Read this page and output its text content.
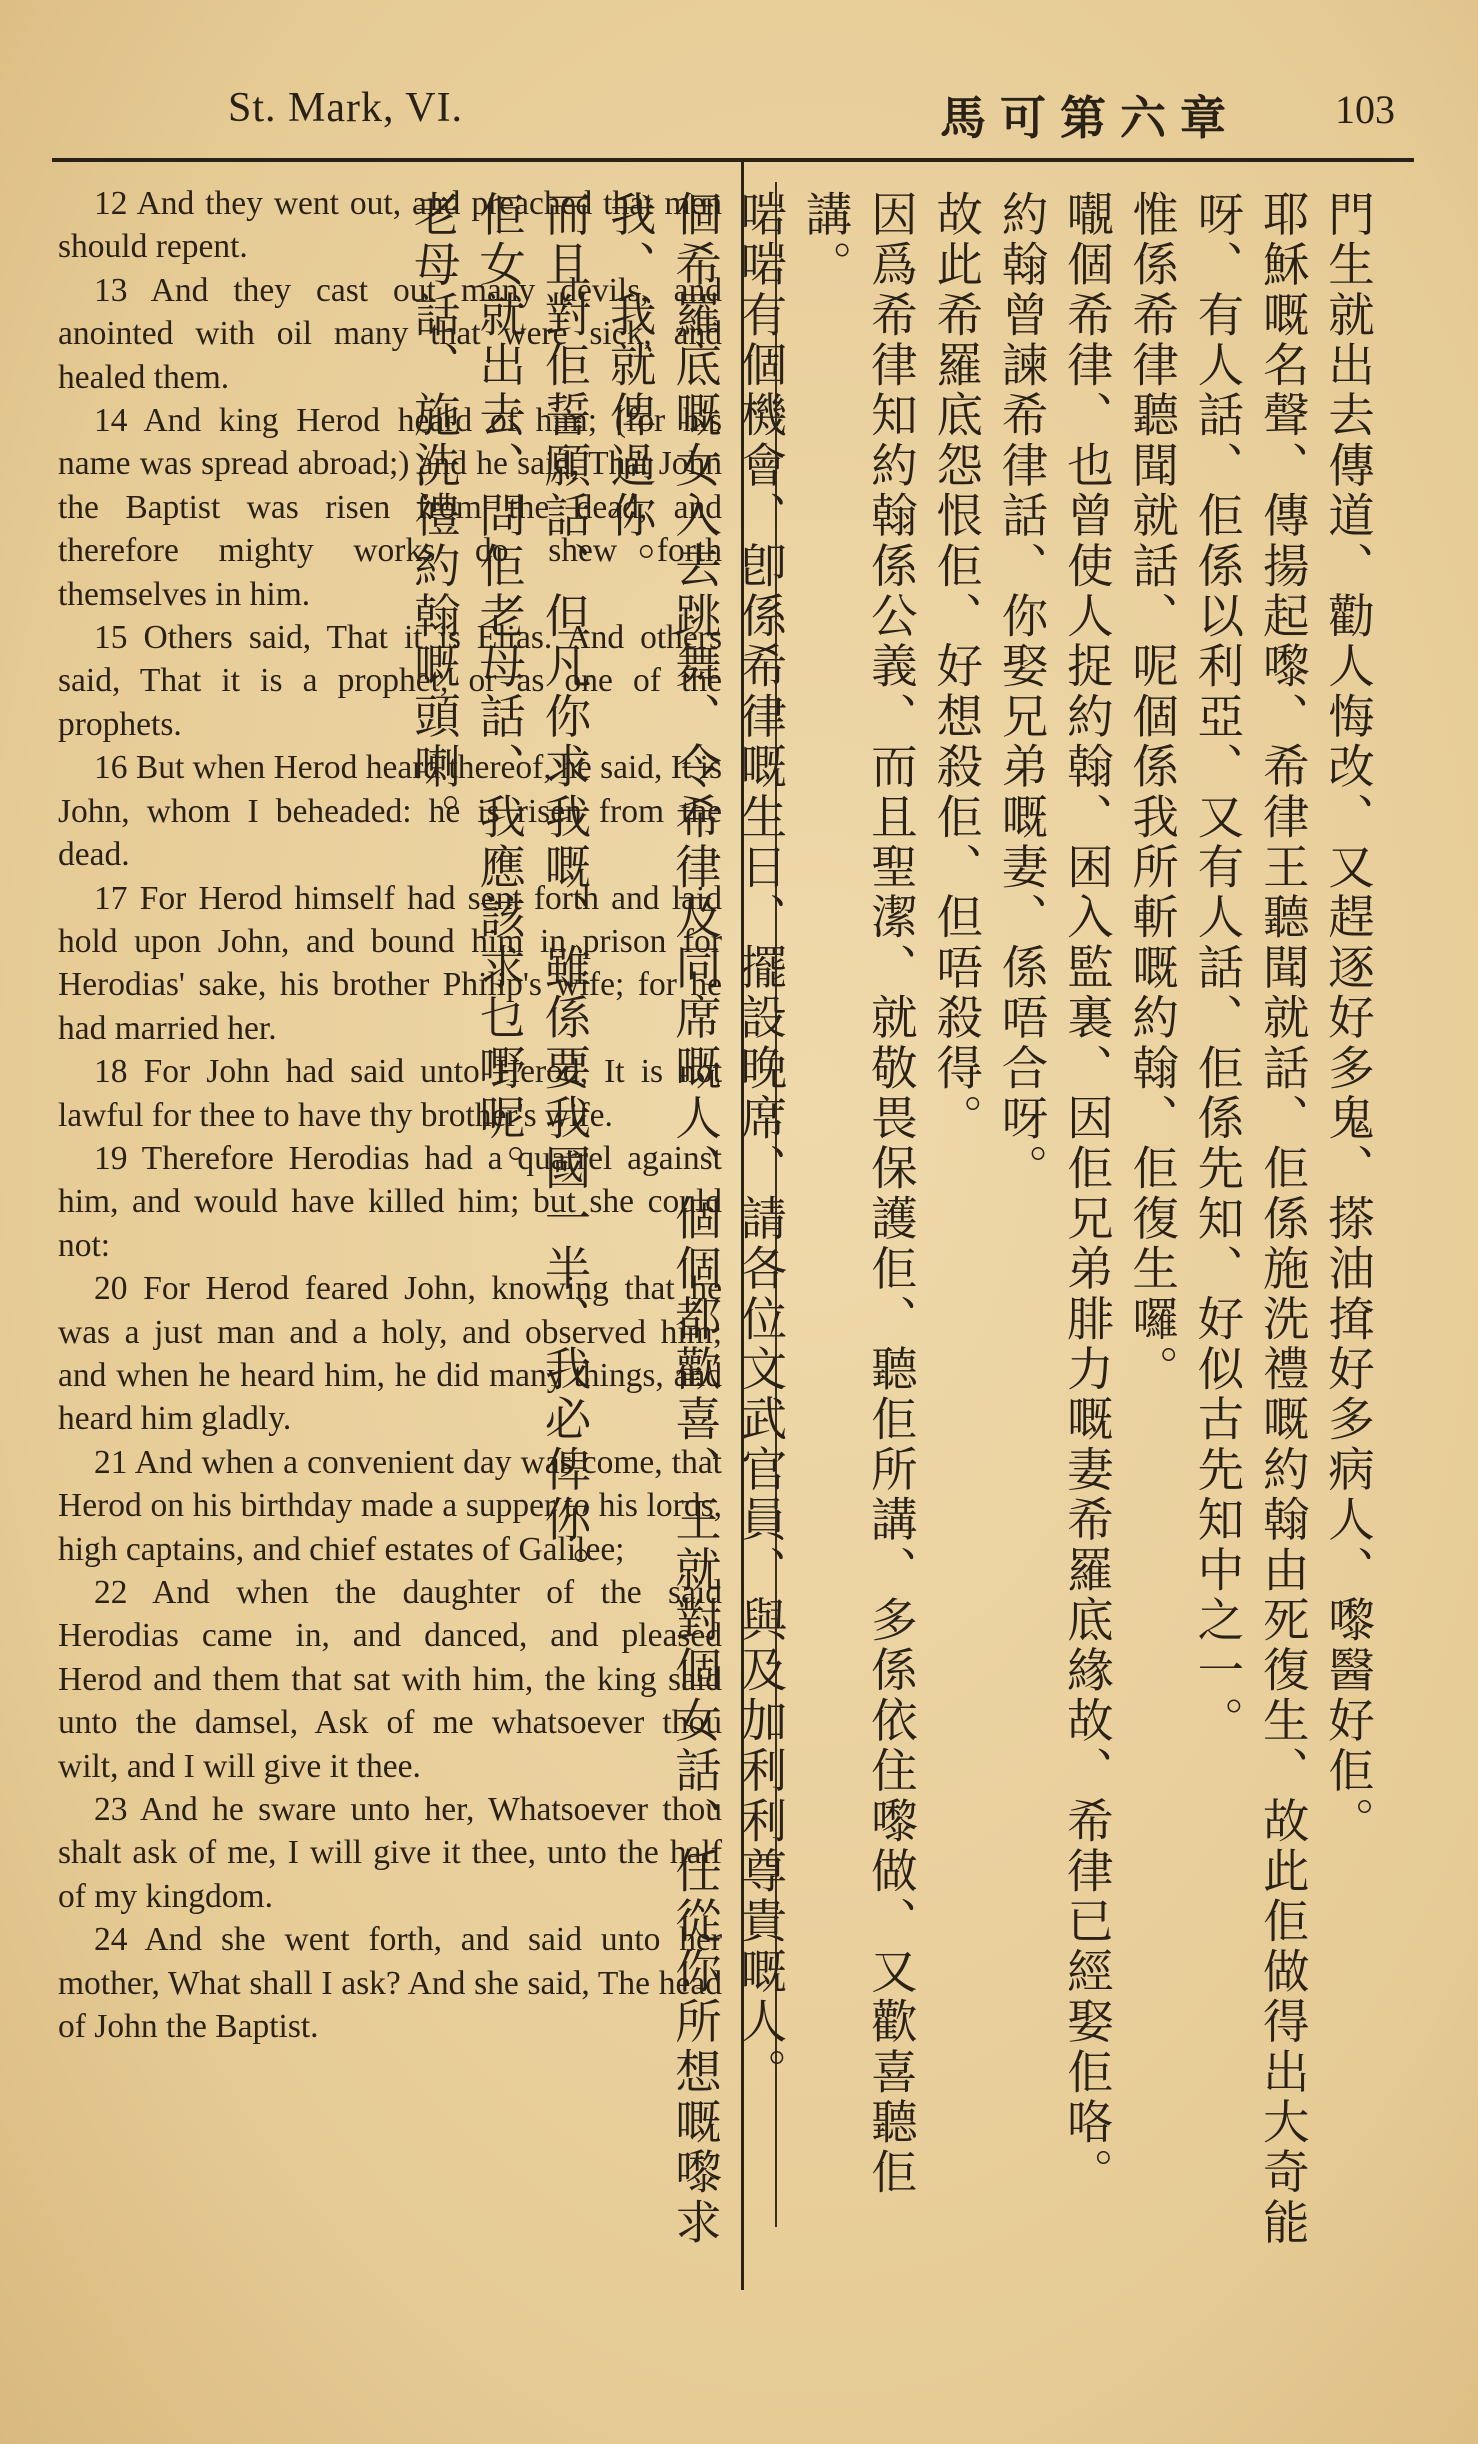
St. Mark, VI.	馬可第六章 103

12 And they went out, and preached that men should repent.

13 And they cast out many devils, and anointed with oil many that were sick, and healed them.

14 And king Herod heard of him; (for his name was spread abroad;) and he said, That John the Baptist was risen from the dead, and therefore mighty works do shew forth themselves in him.

15 Others said, That it is Elias. And others said, That it is a prophet, or as one of the prophets.

16 But when Herod heard thereof, he said, It is John, whom I beheaded: he is risen from the dead.

17 For Herod himself had sent forth and laid hold upon John, and bound him in prison for Herodias' sake, his brother Philip's wife; for he had married her.

18 For John had said unto Herod, It is not lawful for thee to have thy brother's wife.

19 Therefore Herodias had a quarrel against him, and would have killed him; but she could not:

20 For Herod feared John, knowing that he was a just man and a holy, and observed him; and when he heard him, he did many things, and heard him gladly.

21 And when a convenient day was come, that Herod on his birthday made a supper to his lords, high captains, and chief estates of Galilee;

22 And when the daughter of the said Herodias came in, and danced, and pleased Herod and them that sat with him, the king said unto the damsel, Ask of me whatsoever thou wilt, and I will give it thee.

23 And he sware unto her, Whatsoever thou shalt ask of me, I will give it thee, unto the half of my kingdom.

24 And she went forth, and said unto her mother, What shall I ask? And she said, The head of John the Baptist.

門生就出去傳道、勸人悔改、又趕逐好多鬼、搽油𢱕好多病人、嚟醫好佢。

耶穌嘅名聲、傳揚起嚟、希律王聽聞就話、佢係施洗禮嘅約翰由死復生、故此佢做得出大奇能呀、有人話、佢係以利亞、又有人話、佢係先知、好似古先知中之一。

惟係希律聽聞就話、呢個係我所斬嘅約翰、佢復生囉。

𡃁個希律、也曾使人捉約翰、困入監裏、因佢兄弟腓力嘅妻希羅底緣故、希律已經娶佢咯。

約翰曾諫希律話、你娶兄弟嘅妻、係唔合呀。

故此希羅底怨恨佢、好想殺佢、但唔殺得。

因爲希律知約翰係公義、而且聖潔、就敬畏保護佢、聽佢所講、多係依住嚟做、又歡喜聽佢講。

啱啱有個機會、卽係希律嘅生日、擺設晚席、請各位文武官員、與及加利利尊貴嘅人。

個希羅底嘅女入去跳舞、令希律及同席嘅人、個個都歡喜、王就對個女話、任從你所想嘅嚟求我、我就俾過你。

而且對佢誓願話、但凡你求我嘅、雖係要我國一半、我必俾你。

佢女就出去、問佢老母話、我應該求乜嘢呢。

老母話、施洗禮約翰嘅頭喇。
